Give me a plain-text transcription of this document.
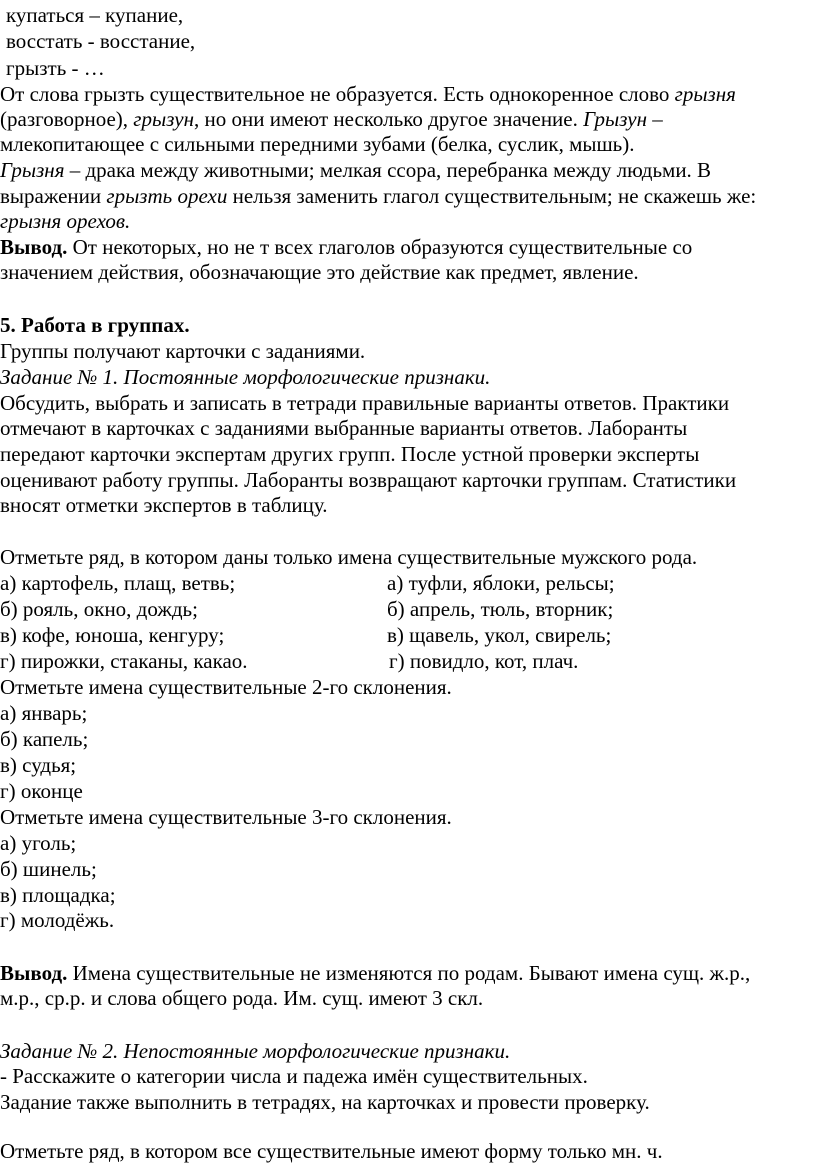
купаться – купание,
восстать - восстание,
грызть - …
От слова грызть существительное не образуется. Есть однокоренное слово грызня
(разговорное), грызун, но они имеют несколько другое значение. Грызун –
млекопитающее с сильными передними зубами (белка, суслик, мышь).
Грызня – драка между животными; мелкая ссора, перебранка между людьми. В
выражении грызть орехи нельзя заменить глагол существительным; не скажешь же:
грызня орехов.
Вывод. От некоторых, но не т всех глаголов образуются существительные со
значением действия, обозначающие это действие как предмет, явление.
5. Работа в группах.
Группы получают карточки с заданиями.
Задание № 1. Постоянные морфологические признаки.
Обсудить, выбрать и записать в тетради правильные варианты ответов. Практики
отмечают в карточках с заданиями выбранные варианты ответов. Лаборанты
передают карточки экспертам других групп. После устной проверки эксперты
оценивают работу группы. Лаборанты возвращают карточки группам. Статистики
вносят отметки экспертов в таблицу.
Отметьте ряд, в котором даны только имена существительные мужского рода.
а) картофель, плащ, ветвь;	а) туфли, яблоки, рельсы;
б) рояль, окно, дождь;	б) апрель, тюль, вторник;
в) кофе, юноша, кенгуру;	в) щавель, укол, свирель;
г) пирожки, стаканы, какао.	г) повидло, кот, плач.
Отметьте имена существительные 2-го склонения.
а) январь;
б) капель;
в) судья;
г) оконце
Отметьте имена существительные 3-го склонения.
а) уголь;
б) шинель;
в) площадка;
г) молодёжь.
Вывод. Имена существительные не изменяются по родам. Бывают имена сущ. ж.р.,
м.р., ср.р. и слова общего рода. Им. сущ. имеют 3 скл.
Задание № 2. Непостоянные морфологические признаки.
- Расскажите о категории числа и падежа имён существительных.
Задание также выполнить в тетрадях, на карточках и провести проверку.
Отметьте ряд, в котором все существительные имеют форму только мн. ч.
